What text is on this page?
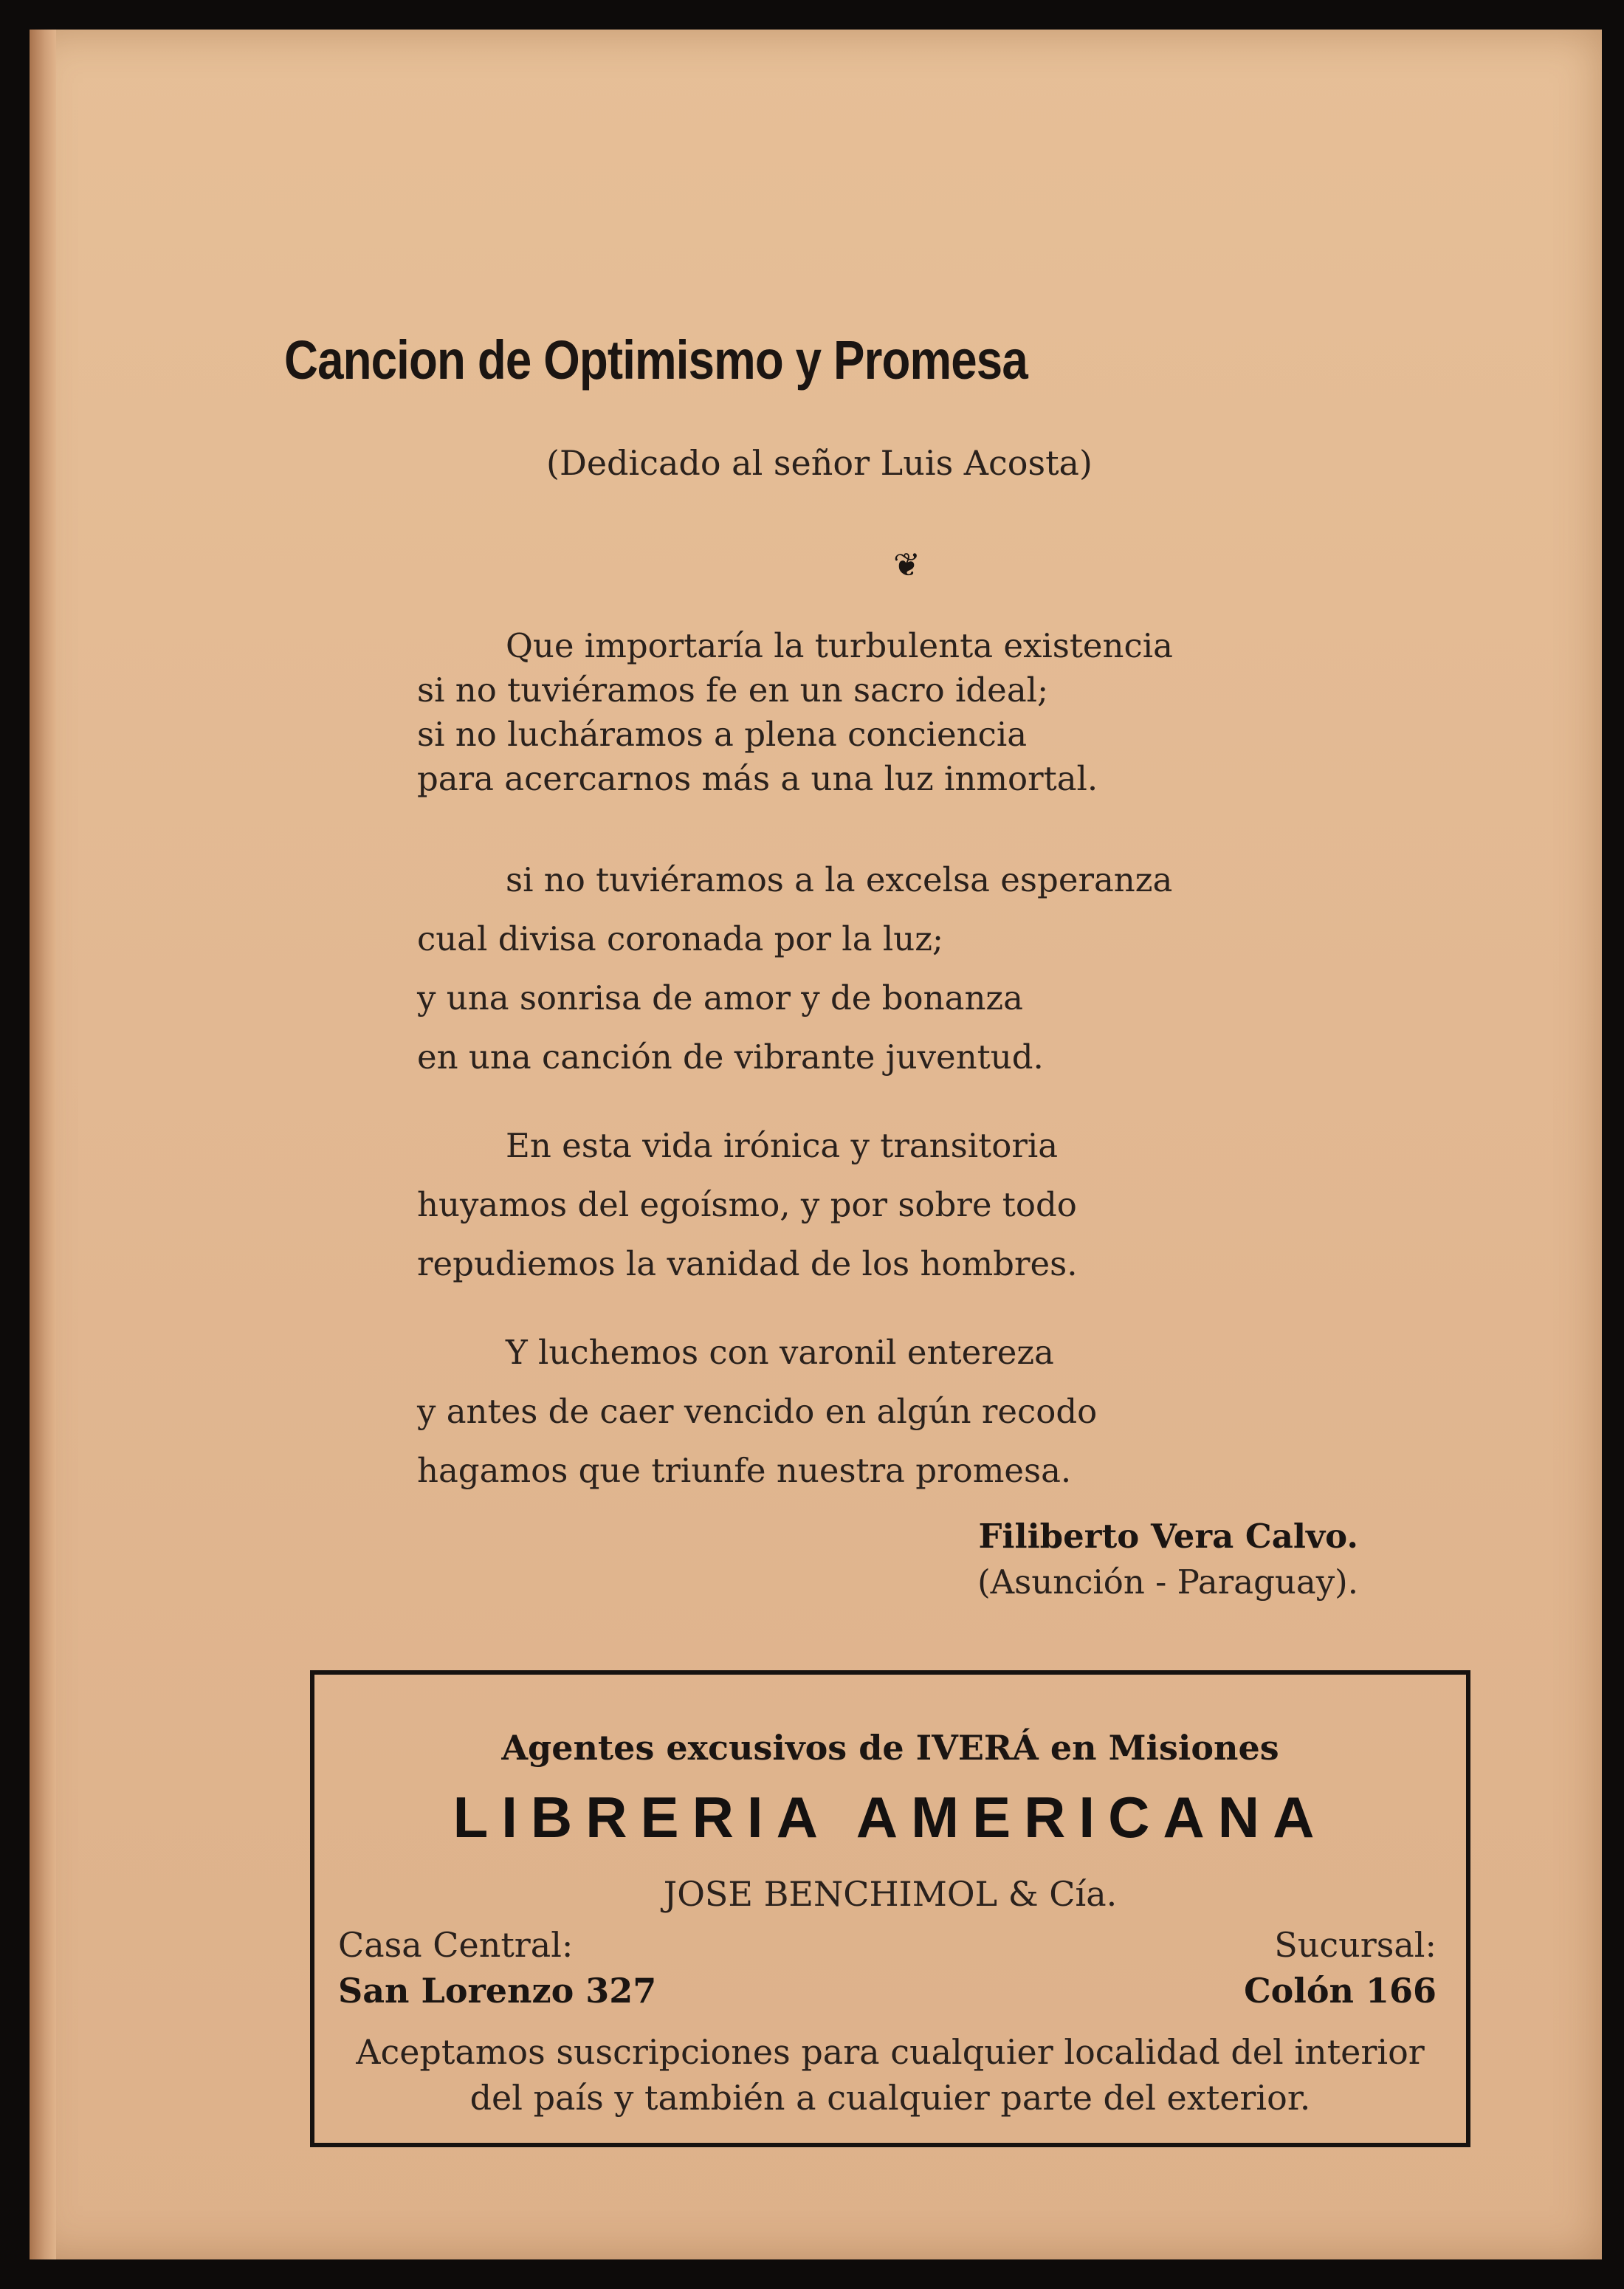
Cancion de Optimismo y Promesa
(Dedicado al señor Luis Acosta)
❦
Que importaría la turbulenta existencia
si no tuviéramos fe en un sacro ideal;
si no lucháramos a plena conciencia
para acercarnos más a una luz inmortal.
si no tuviéramos a la excelsa esperanza
cual divisa coronada por la luz;
y una sonrisa de amor y de bonanza
en una canción de vibrante juventud.
En esta vida irónica y transitoria
huyamos del egoísmo, y por sobre todo
repudiemos la vanidad de los hombres.
Y luchemos con varonil entereza
y antes de caer vencido en algún recodo
hagamos que triunfe nuestra promesa.
Filiberto Vera Calvo.
(Asunción - Paraguay).
Agentes excusivos de IVERÁ en Misiones
LIBRERIA AMERICANA
JOSE BENCHIMOL & Cía.
Casa Central:
San Lorenzo 327
Sucursal:
Colón 166
Aceptamos suscripciones para cualquier localidad del interior del país y también a cualquier parte del exterior.
